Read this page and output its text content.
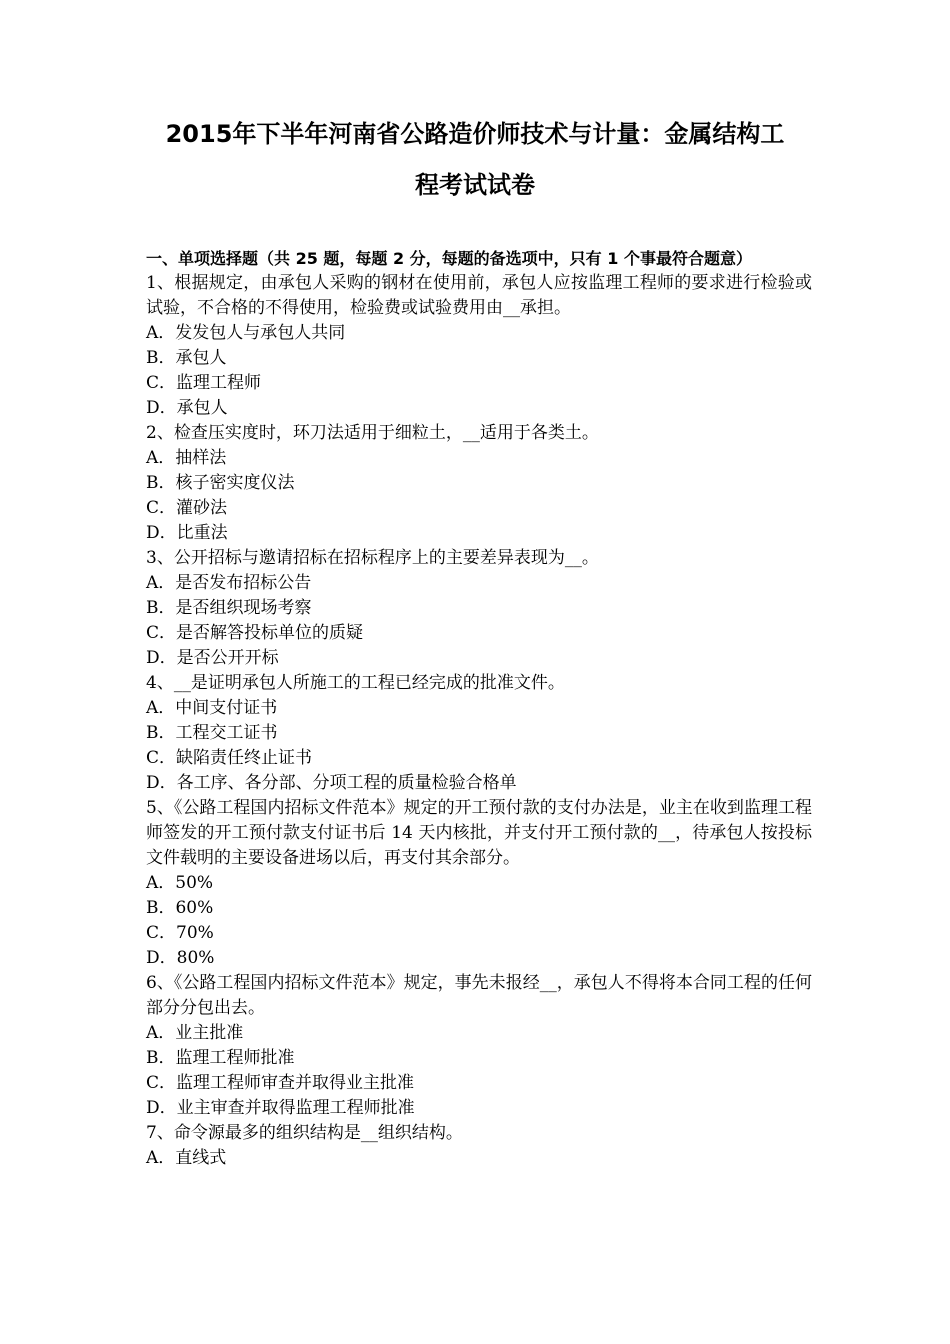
2015年下半年河南省公路造价师技术与计量：金属结构工
程考试试卷
一、单项选择题（共 25 题，每题 2 分，每题的备选项中，只有 1 个事最符合题意）
1、根据规定，由承包人采购的钢材在使用前，承包人应按监理工程师的要求进行检验或试验，不合格的不得使用，检验费或试验费用由__承担。
A．发发包人与承包人共同
B．承包人
C．监理工程师
D．承包人
2、检查压实度时，环刀法适用于细粒土，__适用于各类土。
A．抽样法
B．核子密实度仪法
C．灌砂法
D．比重法
3、公开招标与邀请招标在招标程序上的主要差异表现为__。
A．是否发布招标公告
B．是否组织现场考察
C．是否解答投标单位的质疑
D．是否公开开标
4、__是证明承包人所施工的工程已经完成的批准文件。
A．中间支付证书
B．工程交工证书
C．缺陷责任终止证书
D．各工序、各分部、分项工程的质量检验合格单
5、《公路工程国内招标文件范本》规定的开工预付款的支付办法是，业主在收到监理工程师签发的开工预付款支付证书后 14 天内核批，并支付开工预付款的__，待承包人按投标文件载明的主要设备进场以后，再支付其余部分。
A．50%
B．60%
C．70%
D．80%
6、《公路工程国内招标文件范本》规定，事先未报经__，承包人不得将本合同工程的任何部分分包出去。
A．业主批准
B．监理工程师批准
C．监理工程师审查并取得业主批准
D．业主审查并取得监理工程师批准
7、命令源最多的组织结构是__组织结构。
A．直线式
